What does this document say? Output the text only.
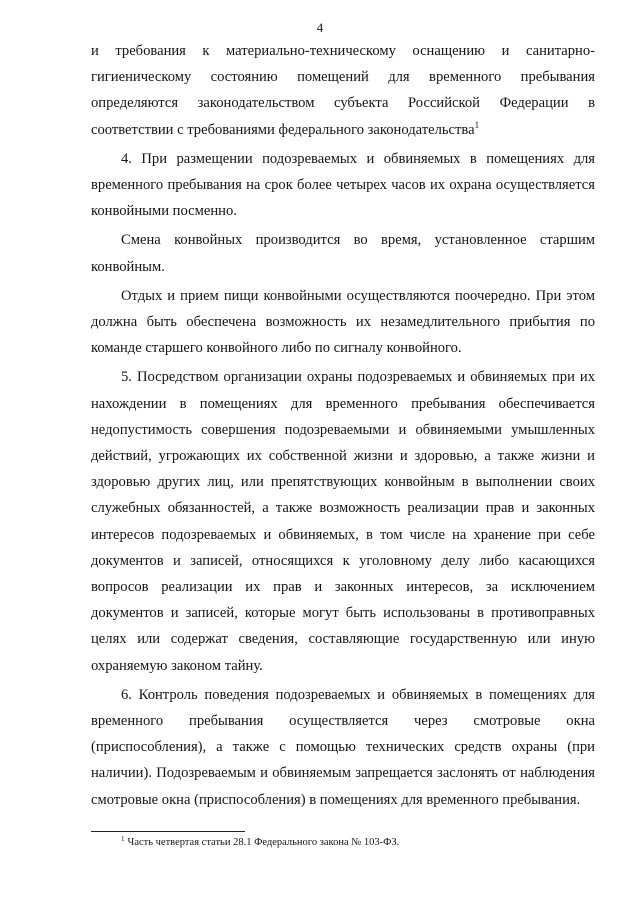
4

и требования к материально-техническому оснащению и санитарно-гигиеническому состоянию помещений для временного пребывания определяются законодательством субъекта Российской Федерации в соответствии с требованиями федерального законодательства$^1$

4. При размещении подозреваемых и обвиняемых в помещениях для временного пребывания на срок более четырех часов их охрана осуществляется конвойными посменно.

Смена конвойных производится во время, установленное старшим конвойным.

Отдых и прием пищи конвойными осуществляются поочередно. При этом должна быть обеспечена возможность их незамедлительного прибытия по команде старшего конвойного либо по сигналу конвойного.

5. Посредством организации охраны подозреваемых и обвиняемых при их нахождении в помещениях для временного пребывания обеспечивается недопустимость совершения подозреваемыми и обвиняемыми умышленных действий, угрожающих их собственной жизни и здоровью, а также жизни и здоровью других лиц, или препятствующих конвойным в выполнении своих служебных обязанностей, а также возможность реализации прав и законных интересов подозреваемых и обвиняемых, в том числе на хранение при себе документов и записей, относящихся к уголовному делу либо касающихся вопросов реализации их прав и законных интересов, за исключением документов и записей, которые могут быть использованы в противоправных целях или содержат сведения, составляющие государственную или иную охраняемую законом тайну.

6. Контроль поведения подозреваемых и обвиняемых в помещениях для временного пребывания осуществляется через смотровые окна (приспособления), а также с помощью технических средств охраны (при наличии). Подозреваемым и обвиняемым запрещается заслонять от наблюдения смотровые окна (приспособления) в помещениях для временного пребывания.

$^1$ Часть четвертая статьи 28.1 Федерального закона № 103-ФЗ.
